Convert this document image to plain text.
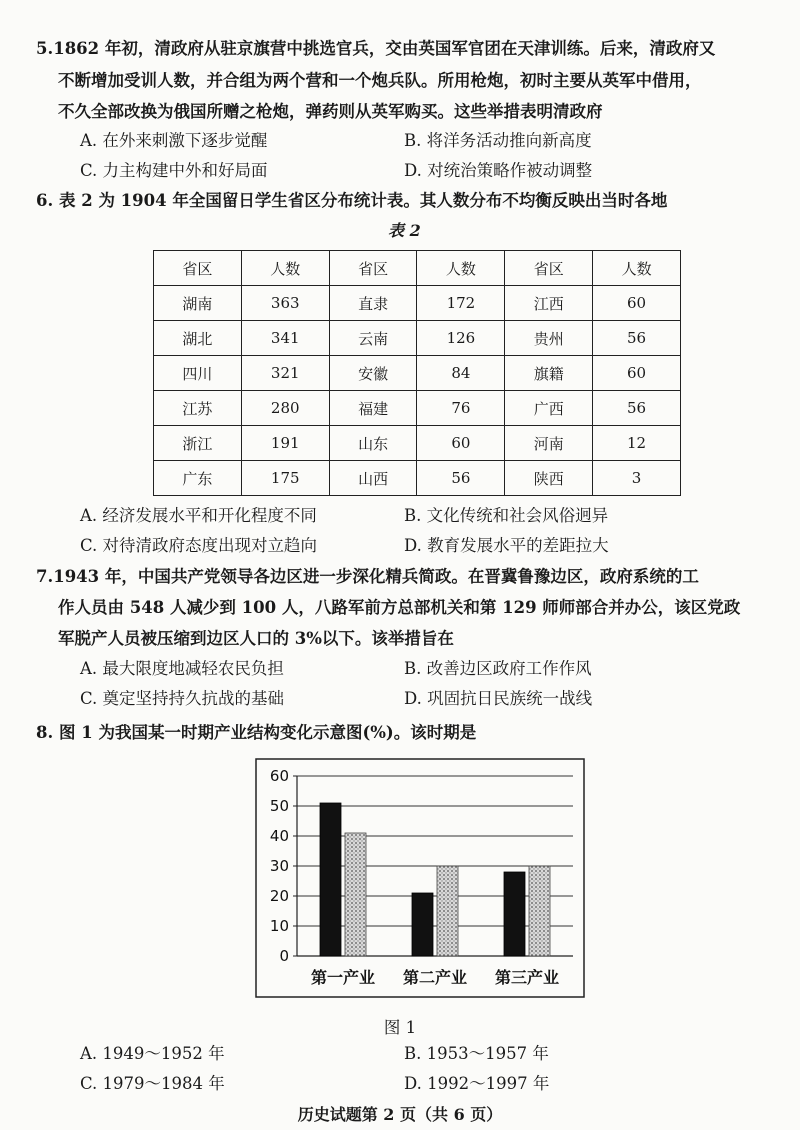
5.1862 年初，清政府从驻京旗营中挑选官兵，交由英国军官团在天津训练。后来，清政府又
不断增加受训人数，并合组为两个营和一个炮兵队。所用枪炮，初时主要从英军中借用，
不久全部改换为俄国所赠之枪炮，弹药则从英军购买。这些举措表明清政府
A. 在外来刺激下逐步觉醒	B. 将洋务活动推向新高度
C. 力主构建中外和好局面	D. 对统治策略作被动调整
6. 表 2 为 1904 年全国留日学生省区分布统计表。其人数分布不均衡反映出当时各地
表 2
省区	人数	省区	人数	省区	人数
湖南	363	直隶	172	江西	60
湖北	341	云南	126	贵州	56
四川	321	安徽	84	旗籍	60
江苏	280	福建	76	广西	56
浙江	191	山东	60	河南	12
广东	175	山西	56	陕西	3
A. 经济发展水平和开化程度不同	B. 文化传统和社会风俗迥异
C. 对待清政府态度出现对立趋向	D. 教育发展水平的差距拉大
7.1943 年，中国共产党领导各边区进一步深化精兵简政。在晋冀鲁豫边区，政府系统的工
作人员由 548 人减少到 100 人，八路军前方总部机关和第 129 师师部合并办公，该区党政
军脱产人员被压缩到边区人口的 3%以下。该举措旨在
A. 最大限度地减轻农民负担	B. 改善边区政府工作作风
C. 奠定坚持持久抗战的基础	D. 巩固抗日民族统一战线
8. 图 1 为我国某一时期产业结构变化示意图(%)。该时期是
0
10
20
30
40
50
60
第一产业 第二产业 第三产业
图 1
A. 1949～1952 年	B. 1953～1957 年
C. 1979～1984 年	D. 1992～1997 年
历史试题第 2 页（共 6 页）
